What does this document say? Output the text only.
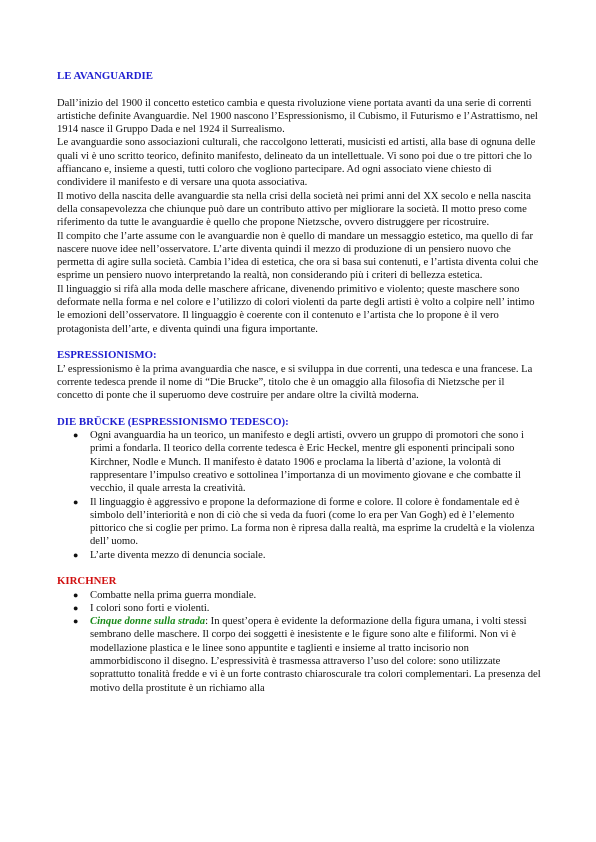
LE AVANGUARDIE

Dall’inizio del 1900 il concetto estetico cambia e questa rivoluzione viene portata avanti da una serie di correnti artistiche definite Avanguardie. Nel 1900 nascono l’Espressionismo, il Cubismo, il Futurismo e l’Astrattismo, nel 1914 nasce il Gruppo Dada e nel 1924 il Surrealismo.

Le avanguardie sono associazioni culturali, che raccolgono letterati, musicisti ed artisti, alla base di ognuna delle quali vi è uno scritto teorico, definito manifesto, delineato da un intellettuale. Vi sono poi due o tre pittori che lo affiancano e, insieme a questi, tutti coloro che vogliono partecipare. Ad ogni associato viene chiesto di condividere il manifesto e di versare una quota associativa.

Il motivo della nascita delle avanguardie sta nella crisi della società nei primi anni del XX secolo e nella nascita della consapevolezza che chiunque può dare un contributo attivo per migliorare la società. Il motto preso come riferimento da tutte le avanguardie è quello che propone Nietzsche, ovvero distruggere per ricostruire.

Il compito che l’arte assume con le avanguardie non è quello di mandare un messaggio estetico, ma quello di far nascere nuove idee nell’osservatore. L’arte diventa quindi il mezzo di produzione di un pensiero nuovo che permetta di agire sulla società. Cambia l’idea di estetica, che ora si basa sui contenuti, e l’artista diventa colui che esprime un pensiero nuovo interpretando la realtà, non considerando più i criteri di bellezza estetica.

Il linguaggio si rifà alla moda delle maschere africane, divenendo primitivo e violento; queste maschere sono deformate nella forma e nel colore e l’utilizzo di colori violenti da parte degli artisti è volto a colpire nell’ intimo le emozioni dell’osservatore. Il linguaggio è coerente con il contenuto e l’artista che lo propone è il vero protagonista dell’arte, e diventa quindi una figura importante.

ESPRESSIONISMO:

L’ espressionismo è la prima avanguardia che nasce, e si sviluppa in due correnti, una tedesca e una francese. La corrente tedesca prende il nome di “Die Brucke”, titolo che è un omaggio alla filosofia di Nietzsche per il concetto di ponte che il superuomo deve costruire per andare oltre la civiltà moderna.

DIE BRÜCKE (ESPRESSIONISMO TEDESCO):

● Ogni avanguardia ha un teorico, un manifesto e degli artisti, ovvero un gruppo di promotori che sono i primi a fondarla. Il teorico della corrente tedesca è Eric Heckel, mentre gli esponenti principali sono Kirchner, Nodle e Munch. Il manifesto è datato 1906 e proclama la libertà d’azione, la volontà di rappresentare l’impulso creativo e sottolinea l’importanza di un movimento giovane e che combatte il vecchio, il quale arresta la creatività.
● Il linguaggio è aggressivo e propone la deformazione di forme e colore. Il colore è fondamentale ed è simbolo dell’interiorità e non di ciò che si veda da fuori (come lo era per Van Gogh) ed è l’elemento pittorico che si coglie per primo. La forma non è ripresa dalla realtà, ma esprime la crudeltà e la violenza dell’ uomo.
● L’arte diventa mezzo di denuncia sociale.

KIRCHNER

● Combatte nella prima guerra mondiale.
● I colori sono forti e violenti.
● Cinque donne sulla strada: In quest’opera è evidente la deformazione della figura umana, i volti stessi sembrano delle maschere. Il corpo dei soggetti è inesistente e le figure sono alte e filiformi. Non vi è modellazione plastica e le linee sono appuntite e taglienti e insieme al tratto incisorio non ammorbidiscono il disegno. L’espressività è trasmessa attraverso l’uso del colore: sono utilizzate soprattutto tonalità fredde e vi è un forte contrasto chiaroscurale tra colori complementari. La presenza del motivo della prostitute è un richiamo alla
